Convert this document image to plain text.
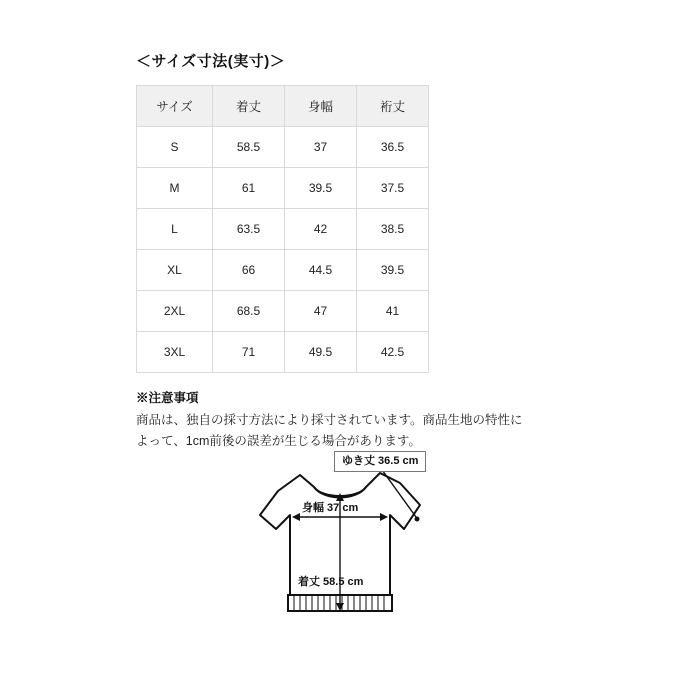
＜サイズ寸法(実寸)＞
サイズ	着丈	身幅	裄丈
S	58.5	37	36.5
M	61	39.5	37.5
L	63.5	42	38.5
XL	66	44.5	39.5
2XL	68.5	47	41
3XL	71	49.5	42.5
※注意事項
商品は、独自の採寸方法により採寸されています。商品生地の特性に
よって、1cm前後の誤差が生じる場合があります。
ゆき丈 36.5 cm
身幅 37 cm
着丈 58.5 cm
